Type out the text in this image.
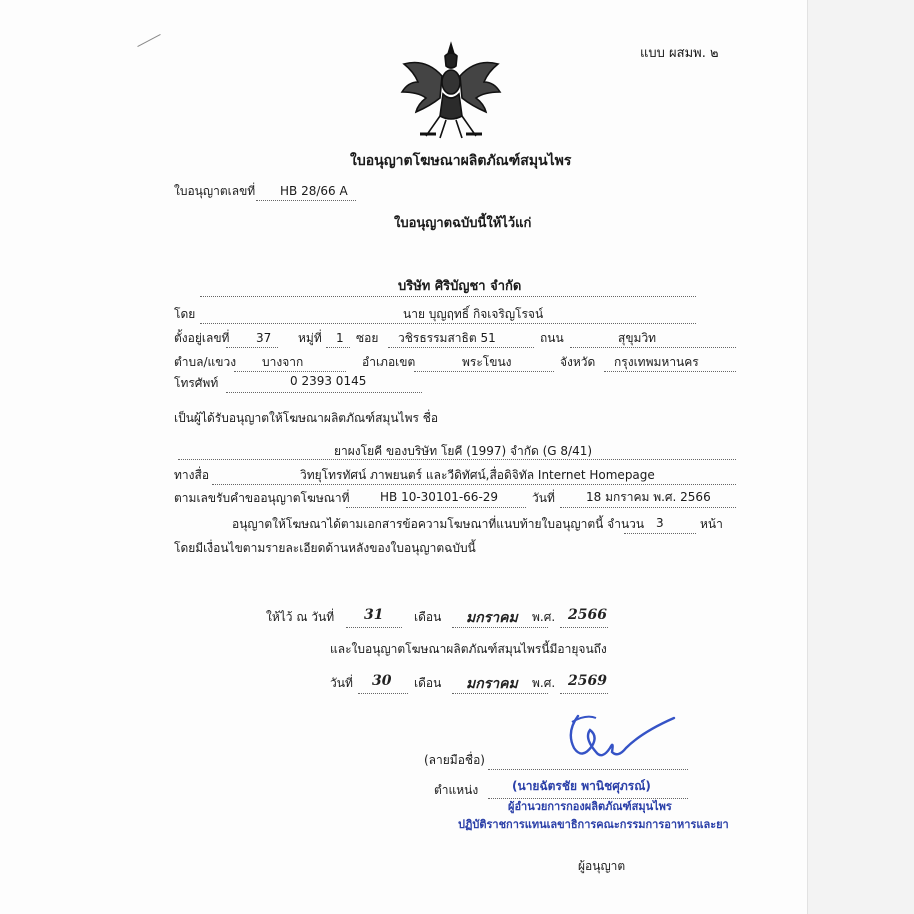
แบบ ผสมพ. ๒
ใบอนุญาตโฆษณาผลิตภัณฑ์สมุนไพร
ใบอนุญาตเลขที่ HB 28/66 A
ใบอนุญาตฉบับนี้ให้ไว้แก่
บริษัท ศิริบัญชา จำกัด
โดย	นาย บุญฤทธิ์ กิจเจริญโรจน์
ตั้งอยู่เลขที่ 37 หมู่ที่ 1 ซอย วชิรธรรมสาธิต 51	ถนน	สุขุมวิท
ตำบล/แขวง บางจาก	อำเภอเขต	พระโขนง	จังหวัด กรุงเทพมหานคร
โทรศัพท์	0 2393 0145
เป็นผู้ได้รับอนุญาตให้โฆษณาผลิตภัณฑ์สมุนไพร ชื่อ
ยาผงโยคี ของบริษัท โยคี (1997) จำกัด (G 8/41)
ทางสื่อ	วิทยุโทรทัศน์ ภาพยนตร์ และวีดิทัศน์,สื่อดิจิทัล Internet Homepage
ตามเลขรับคำขออนุญาตโฆษณาที่	HB 10-30101-66-29	วันที่	18 มกราคม พ.ศ. 2566
อนุญาตให้โฆษณาได้ตามเอกสารข้อความโฆษณาที่แนบท้ายใบอนุญาตนี้ จำนวน 3	หน้า
โดยมีเงื่อนไขตามรายละเอียดด้านหลังของใบอนุญาตฉบับนี้
ให้ไว้ ณ วันที่ 31	เดือน มกราคม พ.ศ. 2566
และใบอนุญาตโฆษณาผลิตภัณฑ์สมุนไพรนี้มีอายุจนถึง
วันที่ 30 เดือน มกราคม พ.ศ. 2569
(ลายมือชื่อ)
ตำแหน่ง	(นายฉัตรชัย พานิชศุภรณ์)
ผู้อำนวยการกองผลิตภัณฑ์สมุนไพร
ปฏิบัติราชการแทนเลขาธิการคณะกรรมการอาหารและยา
ผู้อนุญาต
